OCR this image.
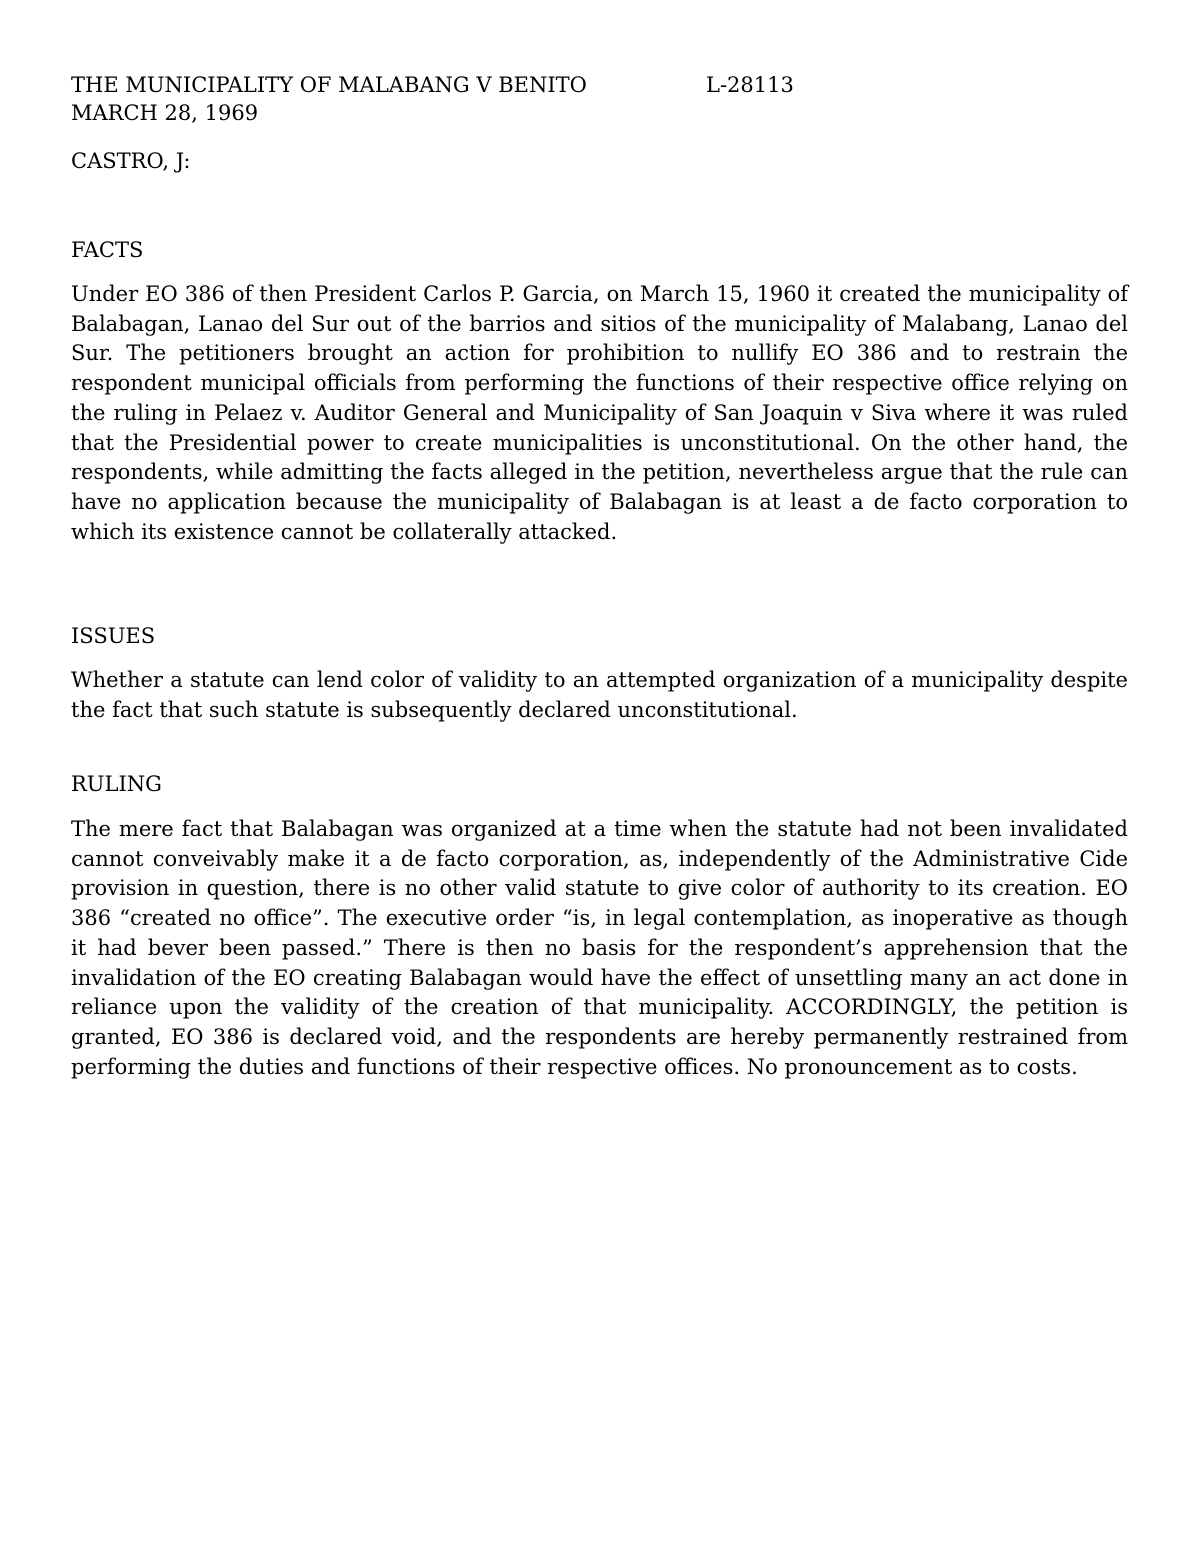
THE MUNICIPALITY OF MALABANG V BENITO	L-28113
MARCH 28, 1969
CASTRO, J:
FACTS

Under EO 386 of then President Carlos P. Garcia, on March 15, 1960 it created the municipality of Balabagan, Lanao del Sur out of the barrios and sitios of the municipality of Malabang, Lanao del Sur. The petitioners brought an action for prohibition to nullify EO 386 and to restrain the respondent municipal officials from performing the functions of their respective office relying on the ruling in Pelaez v. Auditor General and Municipality of San Joaquin v Siva where it was ruled that the Presidential power to create municipalities is unconstitutional. On the other hand, the respondents, while admitting the facts alleged in the petition, nevertheless argue that the rule can have no application because the municipality of Balabagan is at least a de facto corporation to which its existence cannot be collaterally attacked.

ISSUES

Whether a statute can lend color of validity to an attempted organization of a municipality despite the fact that such statute is subsequently declared unconstitutional.

RULING

The mere fact that Balabagan was organized at a time when the statute had not been invalidated cannot conveivably make it a de facto corporation, as, independently of the Administrative Cide provision in question, there is no other valid statute to give color of authority to its creation. EO 386 “created no office”. The executive order “is, in legal contemplation, as inoperative as though it had bever been passed.” There is then no basis for the respondent’s apprehension that the invalidation of the EO creating Balabagan would have the effect of unsettling many an act done in reliance upon the validity of the creation of that municipality. ACCORDINGLY, the petition is granted, EO 386 is declared void, and the respondents are hereby permanently restrained from performing the duties and functions of their respective offices. No pronouncement as to costs.
